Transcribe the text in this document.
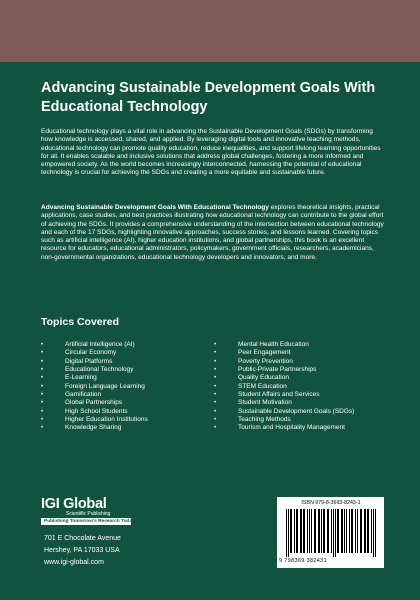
Advancing Sustainable Development Goals With Educational Technology

Educational technology plays a vital role in advancing the Sustainable Development Goals (SDGs) by transforming how knowledge is accessed, shared, and applied. By leveraging digital tools and innovative teaching methods, educational technology can promote quality education, reduce inequalities, and support lifelong learning opportunities for all. It enables scalable and inclusive solutions that address global challenges, fostering a more informed and empowered society. As the world becomes increasingly interconnected, harnessing the potential of educational technology is crucial for achieving the SDGs and creating a more equitable and sustainable future.

Advancing Sustainable Development Goals With Educational Technology explores theoretical insights, practical applications, case studies, and best practices illustrating how educational technology can contribute to the global effort of achieving the SDGs. It provides a comprehensive understanding of the intersection between educational technology and each of the 17 SDGs, highlighting innovative approaches, success stories, and lessons learned. Covering topics such as artificial intelligence (AI), higher education institutions, and global partnerships, this book is an excellent resource for educators, educational administrators, policymakers, government officials, researchers, academicians, non-governmental organizations, educational technology developers and innovators, and more.

Topics Covered
•	Artificial Intelligence (AI)
•	Circular Economy
•	Digital Platforms
•	Educational Technology
•	E-Learning
•	Foreign Language Learning
•	Gamification
•	Global Partnerships
•	High School Students
•	Higher Education Institutions
•	Knowledge Sharing
•	Mental Health Education
•	Peer Engagement
•	Poverty Prevention
•	Public-Private Partnerships
•	Quality Education
•	STEM Education
•	Student Affairs and Services
•	Student Motivation
•	Sustainable Development Goals (SDGs)
•	Teaching Methods
•	Tourism and Hospitality Management
IGI Global
Scientific Publishing
Publishing Tomorrow's Research Today
701 E Chocolate Avenue
Hershey, PA 17033 USA
www.igi-global.com
ISBN 979-8-3693-8243-1
9 798369 382431
